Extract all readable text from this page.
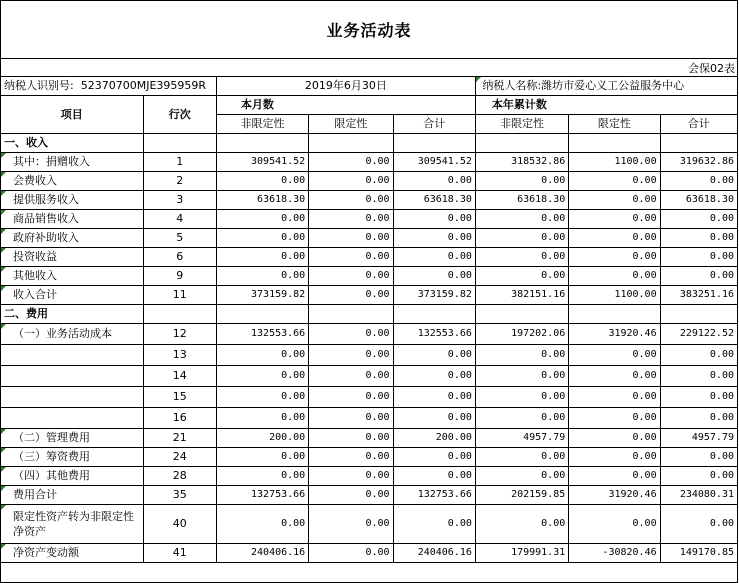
业务活动表
会保02表
纳税人识别号: 52370700MJE395959R		2019年6月30日			纳税人名称:潍坊市爱心义工公益服务中心		
项目	行次	本月数			本年累计数		
		非限定性	限定性	合计	非限定性	限定性	合计
一、收入							
其中：捐赠收入	1	309541.52	0.00	309541.52	318532.86	1100.00	319632.86
会费收入	2	0.00	0.00	0.00	0.00	0.00	0.00
提供服务收入	3	63618.30	0.00	63618.30	63618.30	0.00	63618.30
商品销售收入	4	0.00	0.00	0.00	0.00	0.00	0.00
政府补助收入	5	0.00	0.00	0.00	0.00	0.00	0.00
投资收益	6	0.00	0.00	0.00	0.00	0.00	0.00
其他收入	9	0.00	0.00	0.00	0.00	0.00	0.00
收入合计	11	373159.82	0.00	373159.82	382151.16	1100.00	383251.16
二、费用							
（一）业务活动成本	12	132553.66	0.00	132553.66	197202.06	31920.46	229122.52
	13	0.00	0.00	0.00	0.00	0.00	0.00
	14	0.00	0.00	0.00	0.00	0.00	0.00
	15	0.00	0.00	0.00	0.00	0.00	0.00
	16	0.00	0.00	0.00	0.00	0.00	0.00
（二）管理费用	21	200.00	0.00	200.00	4957.79	0.00	4957.79
（三）筹资费用	24	0.00	0.00	0.00	0.00	0.00	0.00
（四）其他费用	28	0.00	0.00	0.00	0.00	0.00	0.00
费用合计	35	132753.66	0.00	132753.66	202159.85	31920.46	234080.31
限定性资产转为非限定性净资产	40	0.00	0.00	0.00	0.00	0.00	0.00
净资产变动额	41	240406.16	0.00	240406.16	179991.31	-30820.46	149170.85
